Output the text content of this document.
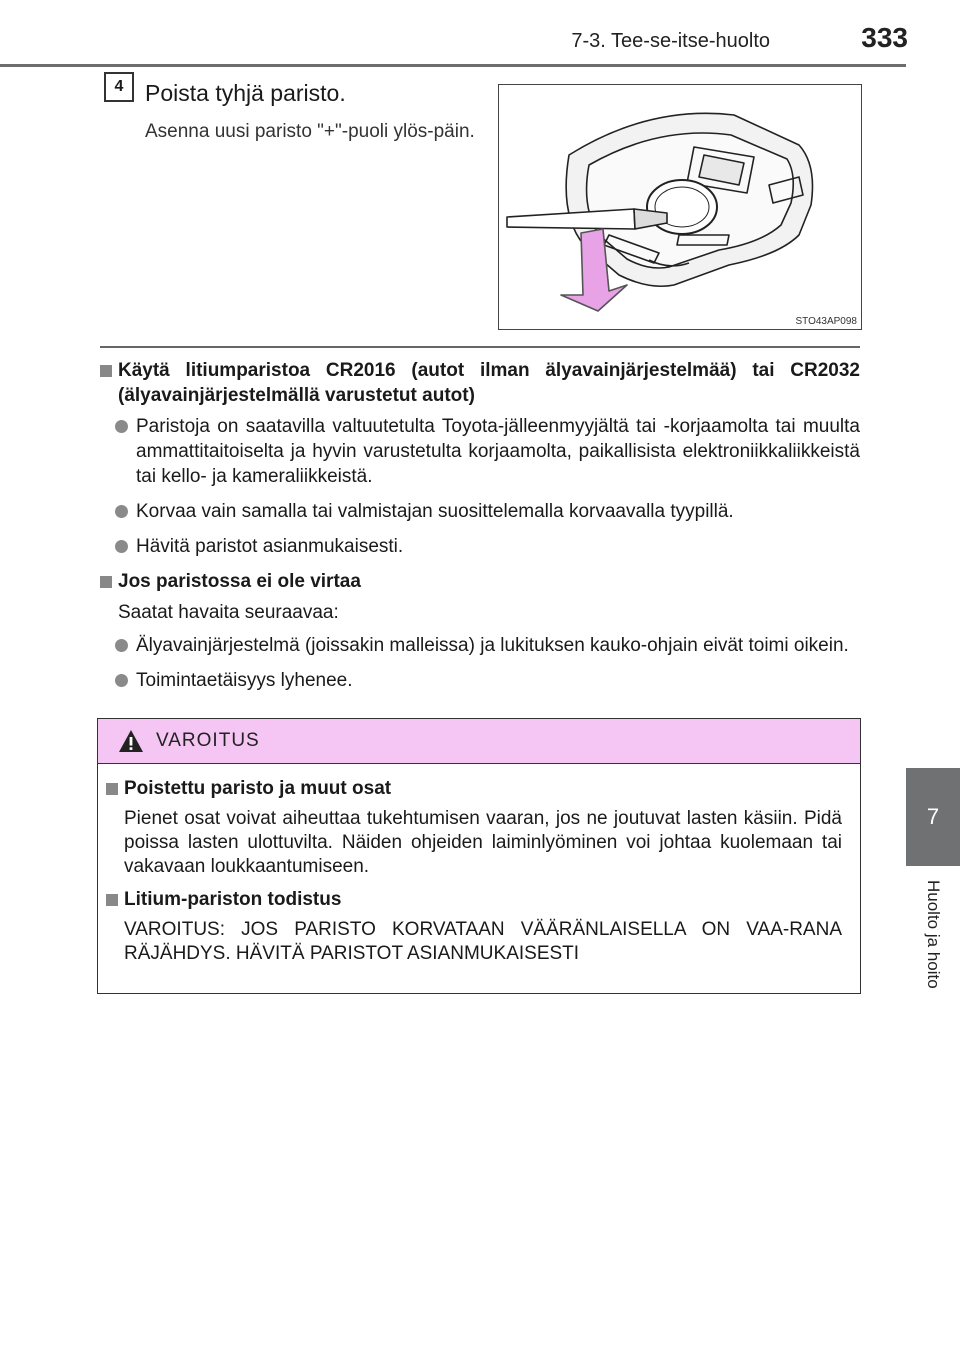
7-3. Tee-se-itse-huolto	333
7
Huolto ja hoito
4 Poista tyhjä paristo.
Asenna uusi paristo "+"-puoli ylös-päin.
STO43AP098
Käytä litiumparistoa CR2016 (autot ilman älyavainjärjestelmää) tai CR2032 (älyavainjärjestelmällä varustetut autot)
Paristoja on saatavilla valtuutetulta Toyota-jälleenmyyjältä tai -korjaamolta tai muulta ammattitaitoiselta ja hyvin varustetulta korjaamolta, paikallisista elektroniikkaliikkeistä tai kello- ja kameraliikkeistä.
Korvaa vain samalla tai valmistajan suosittelemalla korvaavalla tyypillä.
Hävitä paristot asianmukaisesti.
Jos paristossa ei ole virtaa
Saatat havaita seuraavaa:
Älyavainjärjestelmä (joissakin malleissa) ja lukituksen kauko-ohjain eivät toimi oikein.
Toimintaetäisyys lyhenee.
VAROITUS
Poistettu paristo ja muut osat
Pienet osat voivat aiheuttaa tukehtumisen vaaran, jos ne joutuvat lasten käsiin. Pidä poissa lasten ulottuvilta. Näiden ohjeiden laiminlyöminen voi johtaa kuolemaan tai vakavaan loukkaantumiseen.
Litium-pariston todistus
VAROITUS: JOS PARISTO KORVATAAN VÄÄRÄNLAISELLA ON VAA-RANA RÄJÄHDYS. HÄVITÄ PARISTOT ASIANMUKAISESTI
